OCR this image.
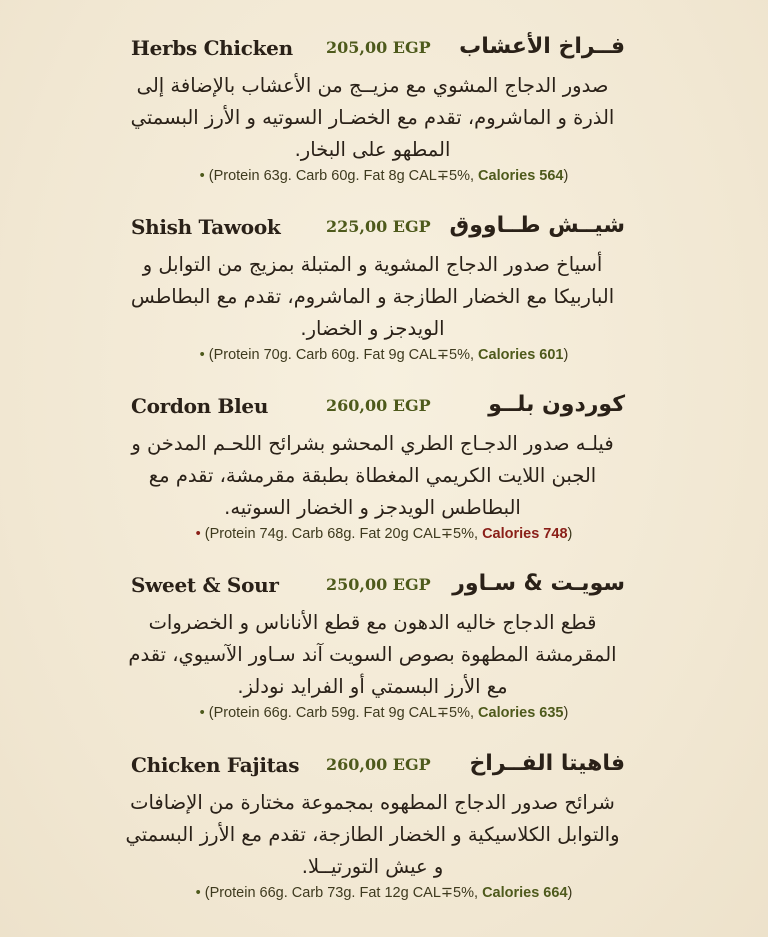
Herbs Chicken 205,00 EGP فــراخ الأعشاب
صدور الدجاج المشوي مع مزيــج من الأعشاب بالإضافة إلى الذرة و الماشروم، تقدم مع الخضـار السوتيه و الأرز البسمتي المطهو على البخار.
• (Protein 63g. Carb 60g. Fat 8g CAL∓5%, Calories 564)
Shish Tawook	225,00 EGP شيــش طــاووق
أسياخ صدور الدجاج المشوية و المتبلة بمزيج من التوابل و الباربيكا مع الخضار الطازجة و الماشروم، تقدم مع البطاطس الويدجز و الخضار.
• (Protein 70g. Carb 60g. Fat 9g CAL∓5%, Calories 601)
Cordon Bleu	260,00 EGP	كوردون بلــو
فيلـه صدور الدجـاج الطري المحشو بشرائح اللحـم المدخن و الجبن اللايت الكريمي المغطاة بطبقة مقرمشة، تقدم مع البطاطس الويدجز و الخضار السوتيه.
• (Protein 74g. Carb 68g. Fat 20g CAL∓5%, Calories 748)
Sweet & Sour	250,00 EGP سويـت & سـاور
قطع الدجاج خاليه الدهون مع قطع الأناناس و الخضروات المقرمشة المطهوة بصوص السويت آند سـاور الآسيوي، تقدم مع الأرز البسمتي أو الفرايد نودلز.
• (Protein 66g. Carb 59g. Fat 9g CAL∓5%, Calories 635)
Chicken Fajitas 260,00 EGP فاهيتا الفــراخ
شرائح صدور الدجاج المطهوه بمجموعة مختارة من الإضافات والتوابل الكلاسيكية و الخضار الطازجة، تقدم مع الأرز البسمتي و عيش التورتيــلا.
• (Protein 66g. Carb 73g. Fat 12g CAL∓5%, Calories 664)
